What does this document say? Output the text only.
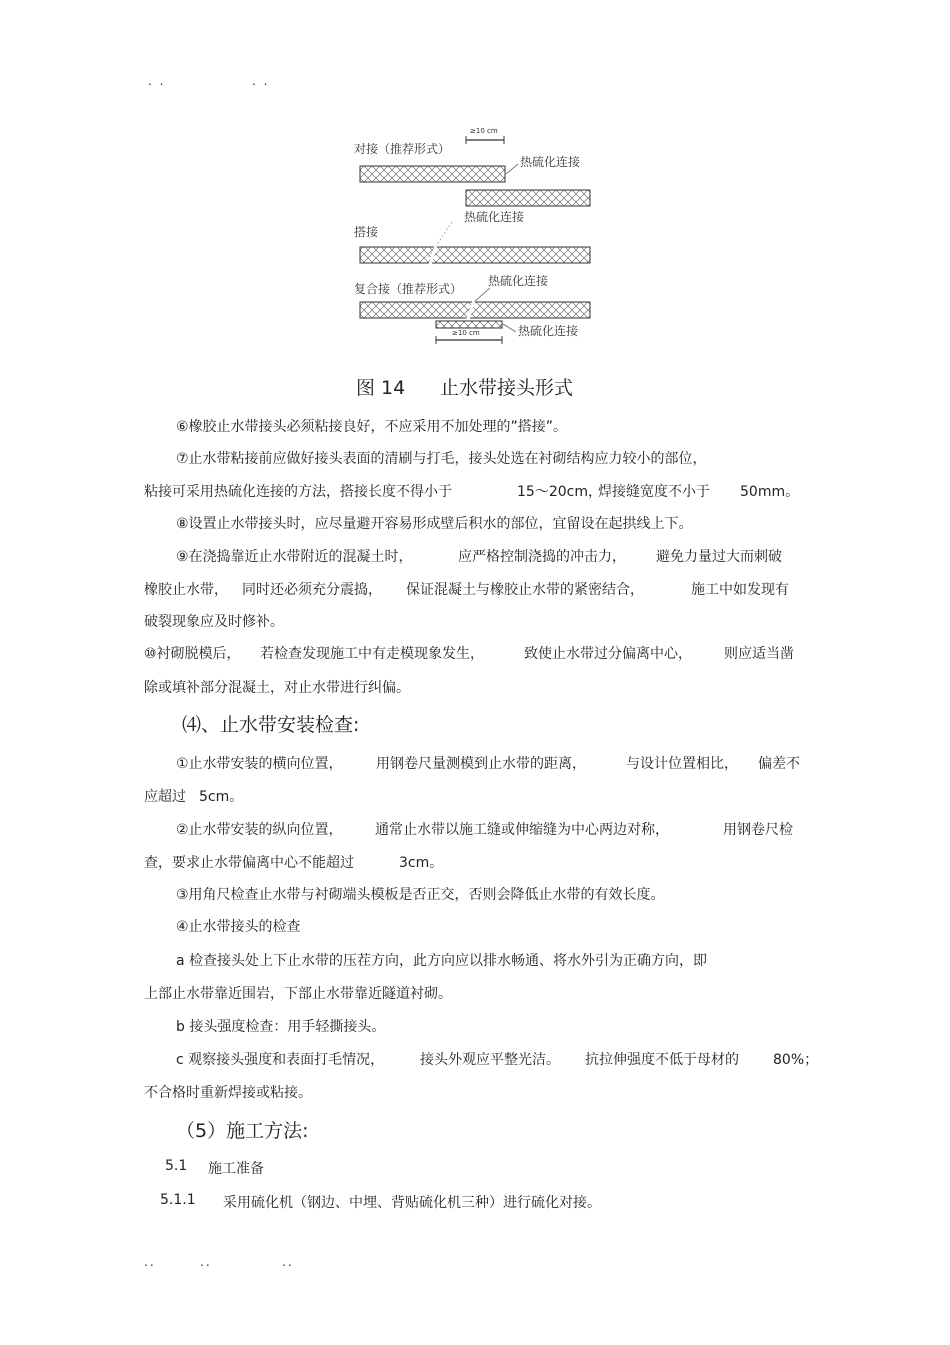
. .	. .
对接（推荐形式）
≥10 cm
热硫化连接
热硫化连接
搭接
热硫化连接
复合接（推荐形式）
热硫化连接
≥10 cm
图 14 止水带接头形式
⑥橡胶止水带接头必须粘接良好，不应采用不加处理的”搭接”。
⑦止水带粘接前应做好接头表面的清刷与打毛，接头处选在衬砌结构应力较小的部位，
粘接可采用热硫化连接的方法，搭接长度不得小于	15～20cm，
焊接缝宽度不小于 50mm。
⑧设置止水带接头时，应尽量避开容易形成壁后积水的部位，宜留设在起拱线上下。
⑨在浇捣靠近止水带附近的混凝土时，	应严格控制浇捣的冲击力， 避免力量过大而刺破
橡胶止水带， 同时还必须充分震捣， 保证混凝土与橡胶止水带的紧密结合，	施工中如发现有
破裂现象应及时修补。
⑩衬砌脱模后， 若检查发现施工中有走模现象发生，	致使止水带过分偏离中心， 则应适当凿
除或填补部分混凝土，对止水带进行纠偏。
⑷、止水带安装检查:
①止水带安装的横向位置， 用钢卷尺量测模到止水带的距离，	与设计位置相比， 偏差不
应超过 5cm。
②止水带安装的纵向位置， 通常止水带以施工缝或伸缩缝为中心两边对称，	用钢卷尺检
查，要求止水带偏离中心不能超过	3cm。
③用角尺检查止水带与衬砌端头模板是否正交，否则会降低止水带的有效长度。
④止水带接头的检查
a 检查接头处上下止水带的压茬方向，此方向应以排水畅通、将水外引为正确方向，即
上部止水带靠近围岩，下部止水带靠近隧道衬砌。
b 接头强度检查：用手轻撕接头。
c 观察接头强度和表面打毛情况，	接头外观应平整光洁。 抗拉伸强度不低于母材的 80%；
不合格时重新焊接或粘接。
（5）施工方法:
5.1 施工准备
5.1.1 采用硫化机（钢边、中埋、背贴硫化机三种）进行硫化对接。
..	..	..
